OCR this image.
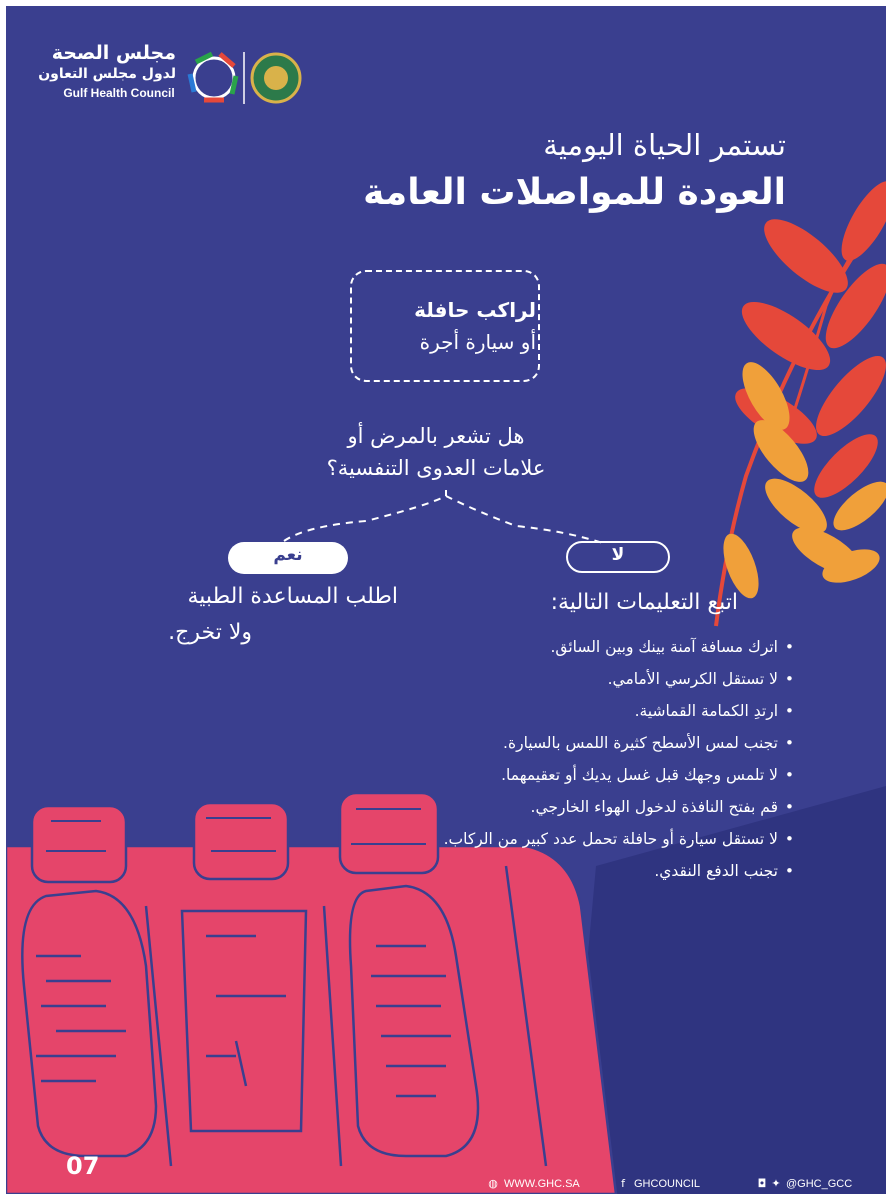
مجلس الصحة
لدول مجلس التعاون
Gulf Health Council
تستمر الحياة اليومية
العودة للمواصلات العامة
لراكب حافلة
أو سيارة أجرة
هل تشعر بالمرض أو
علامات العدوى التنفسية؟
نعم	لا
اطلب المساعدة الطبية
ولا تخرج.
اتبع التعليمات التالية:
• اترك مسافة آمنة بينك وبين السائق.
• لا تستقل الكرسي الأمامي.
• ارتدِ الكمامة القماشية.
• تجنب لمس الأسطح كثيرة اللمس بالسيارة.
• لا تلمس وجهك قبل غسل يديك أو تعقيمهما.
• قم بفتح النافذة لدخول الهواء الخارجي.
• لا تستقل سيارة أو حافلة تحمل عدد كبير من الركاب.
• تجنب الدفع النقدي.
07
◍ WWW.GHC.SA	f GHCOUNCIL	◘ ✦ @GHC_GCC
